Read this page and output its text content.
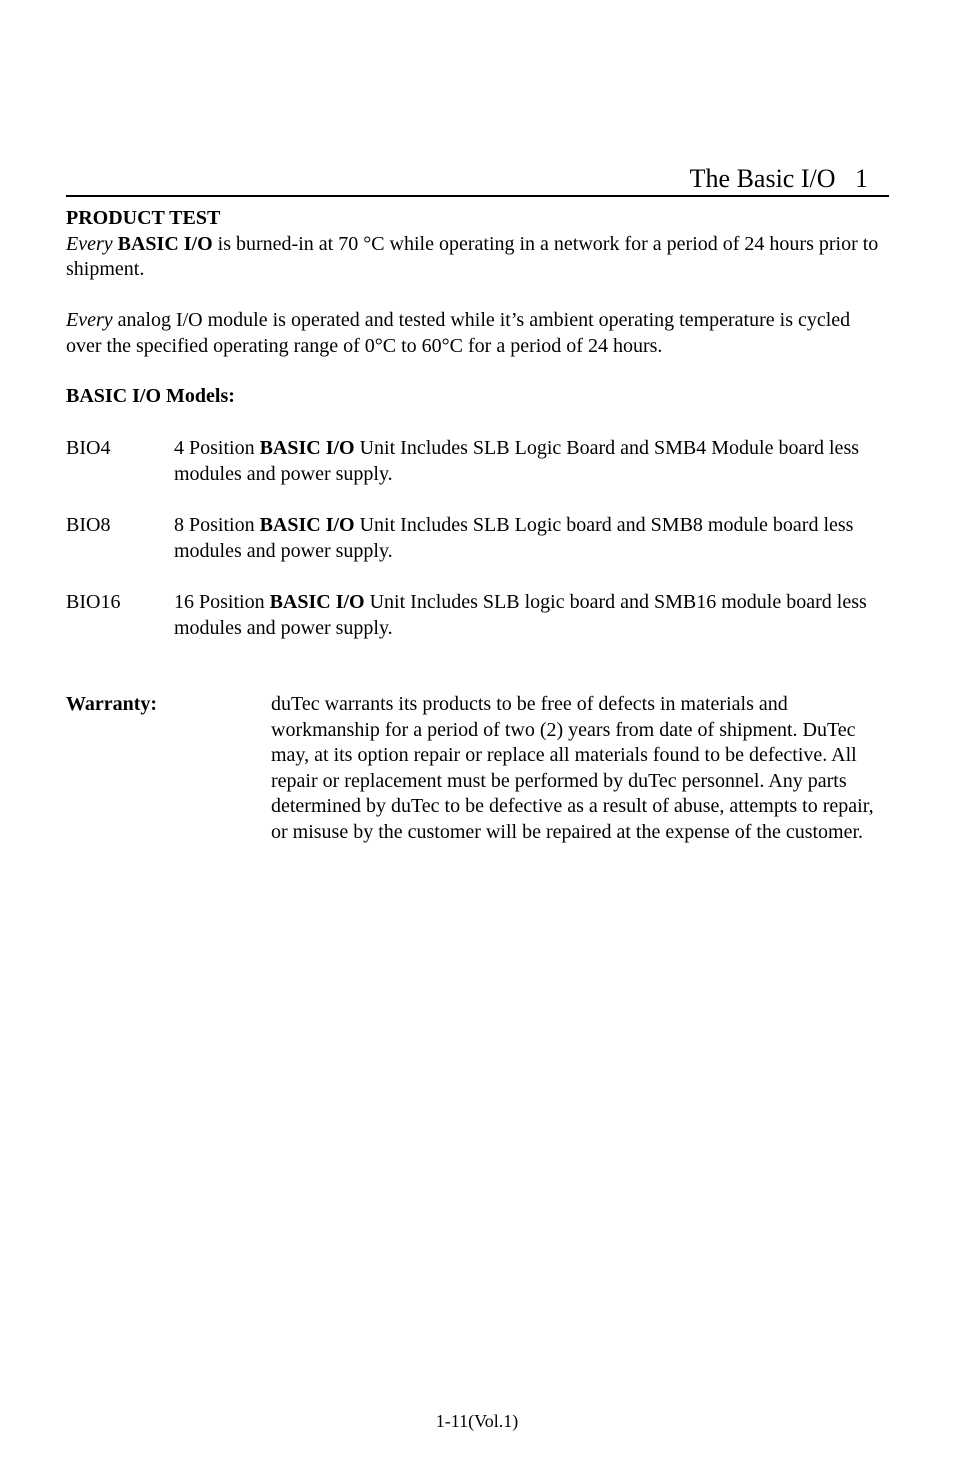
The Basic I/O   1
PRODUCT TEST
Every BASIC I/O is burned-in at 70 °C while operating in a network for a period of 24 hours prior to shipment.
Every analog I/O module is operated and tested while it’s ambient operating temperature is cycled over the specified operating range of 0°C to 60°C for a period of 24 hours.
BASIC I/O Models:
BIO4	4 Position BASIC I/O Unit Includes SLB Logic Board and SMB4 Module board less modules and power supply.
BIO8	8 Position BASIC I/O Unit Includes SLB Logic board and SMB8 module board less modules and power supply.
BIO16	16 Position BASIC I/O Unit Includes SLB logic board and SMB16 module board less modules and power supply.
Warranty:	duTec warrants its products to be free of defects in materials and workmanship for a period of two (2) years from date of shipment. DuTec may, at its option repair or replace all materials found to be defective. All repair or replacement must be performed by duTec personnel. Any parts determined by duTec to be defective as a result of abuse, attempts to repair, or misuse by the customer will be repaired at the expense of the customer.
1-11(Vol.1)
